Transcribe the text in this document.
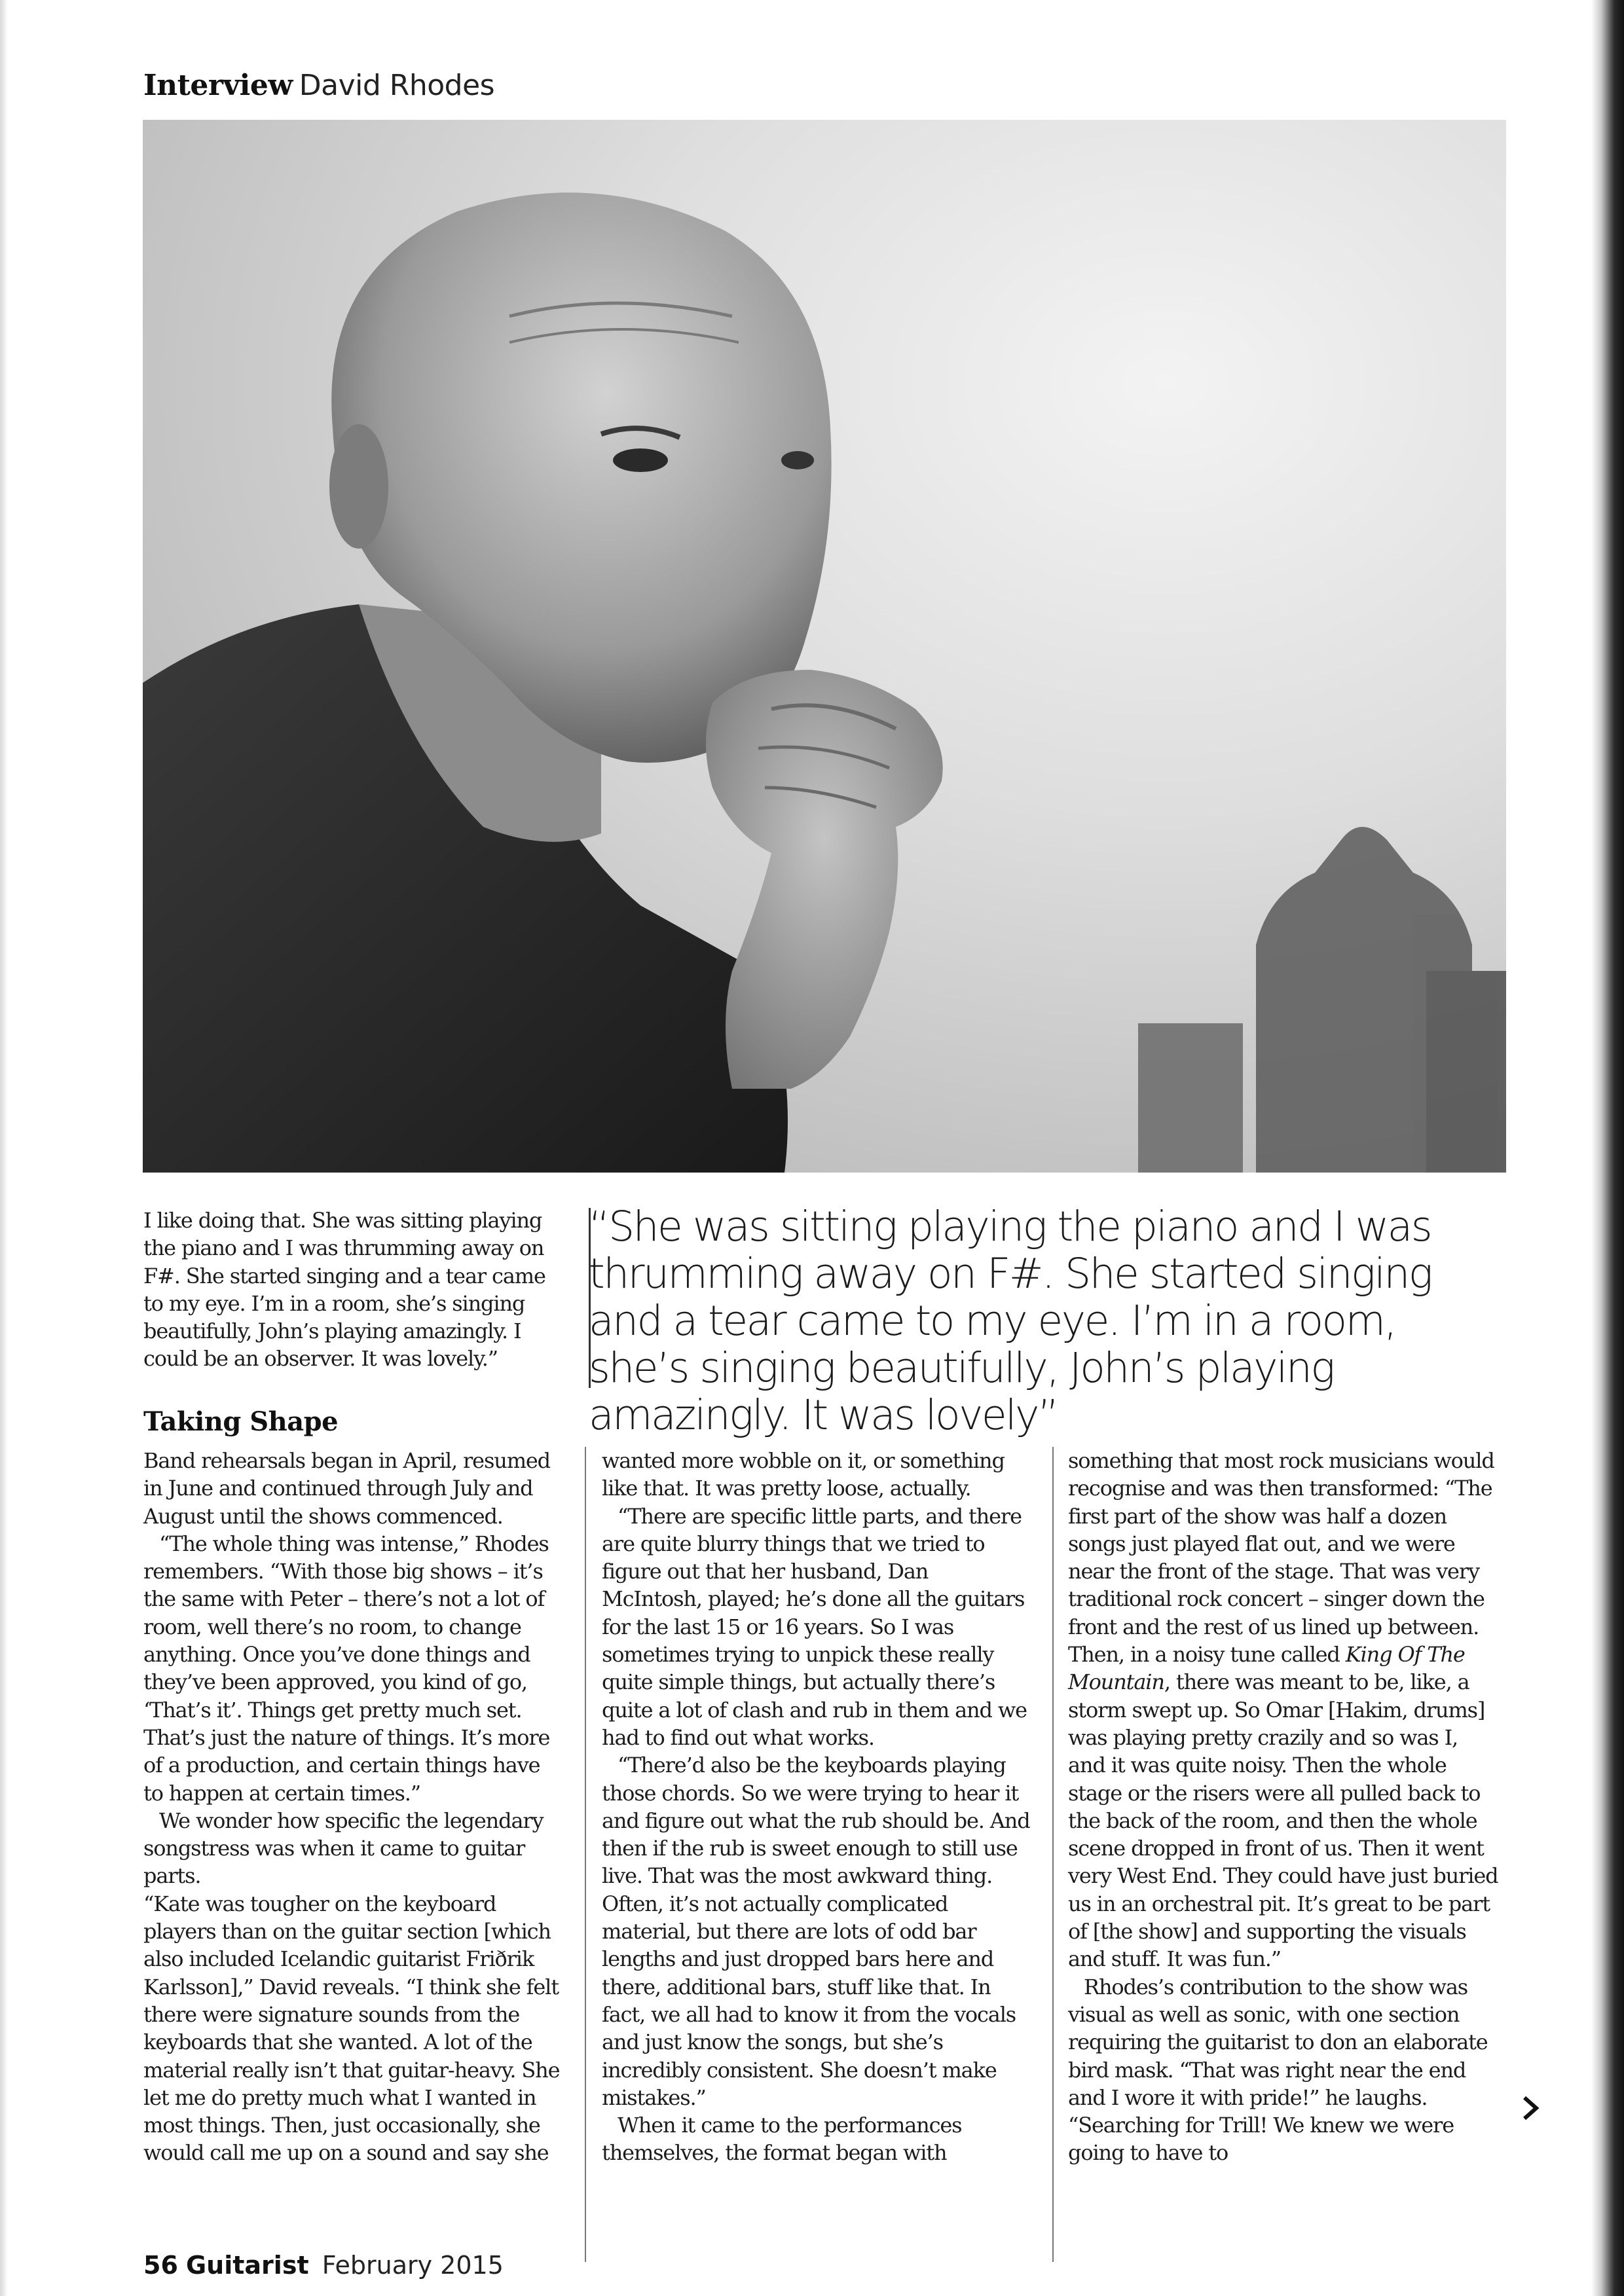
Interview David Rhodes

I like doing that. She was sitting playing the piano and I was thrumming away on F#. She started singing and a tear came to my eye. I’m in a room, she’s singing beautifully, John’s playing amazingly. I could be an observer. It was lovely.”

“She was sitting playing the piano and I was thrumming away on F#. She started singing and a tear came to my eye. I’m in a room, she’s singing beautifully, John’s playing amazingly. It was lovely”
Taking Shape

Band rehearsals began in April, resumed in June and continued through July and August until the shows commenced.

“The whole thing was intense,” Rhodes remembers. “With those big shows – it’s the same with Peter – there’s not a lot of room, well there’s no room, to change anything. Once you’ve done things and they’ve been approved, you kind of go, ‘That’s it’. Things get pretty much set. That’s just the nature of things. It’s more of a production, and certain things have to happen at certain times.”

We wonder how specific the legendary songstress was when it came to guitar parts.

“Kate was tougher on the keyboard players than on the guitar section [which also included Icelandic guitarist Friðrik Karlsson],” David reveals. “I think she felt there were signature sounds from the keyboards that she wanted. A lot of the material really isn’t that guitar-heavy. She let me do pretty much what I wanted in most things. Then, just occasionally, she would call me up on a sound and say she

wanted more wobble on it, or something like that. It was pretty loose, actually.

“There are specific little parts, and there are quite blurry things that we tried to figure out that her husband, Dan McIntosh, played; he’s done all the guitars for the last 15 or 16 years. So I was sometimes trying to unpick these really quite simple things, but actually there’s quite a lot of clash and rub in them and we had to find out what works.

“There’d also be the keyboards playing those chords. So we were trying to hear it and figure out what the rub should be. And then if the rub is sweet enough to still use live. That was the most awkward thing. Often, it’s not actually complicated material, but there are lots of odd bar lengths and just dropped bars here and there, additional bars, stuff like that. In fact, we all had to know it from the vocals and just know the songs, but she’s incredibly consistent. She doesn’t make mistakes.”

When it came to the performances themselves, the format began with

something that most rock musicians would recognise and was then transformed: “The first part of the show was half a dozen songs just played flat out, and we were near the front of the stage. That was very traditional rock concert – singer down the front and the rest of us lined up between. Then, in a noisy tune called King Of The Mountain, there was meant to be, like, a storm swept up. So Omar [Hakim, drums] was playing pretty crazily and so was I, and it was quite noisy. Then the whole stage or the risers were all pulled back to the back of the room, and then the whole scene dropped in front of us. Then it went very West End. They could have just buried us in an orchestral pit. It’s great to be part of [the show] and supporting the visuals and stuff. It was fun.”

Rhodes’s contribution to the show was visual as well as sonic, with one section requiring the guitarist to don an elaborate bird mask. “That was right near the end and I wore it with pride!” he laughs. “Searching for Trill! We knew we were going to have to

56 Guitarist February 2015
